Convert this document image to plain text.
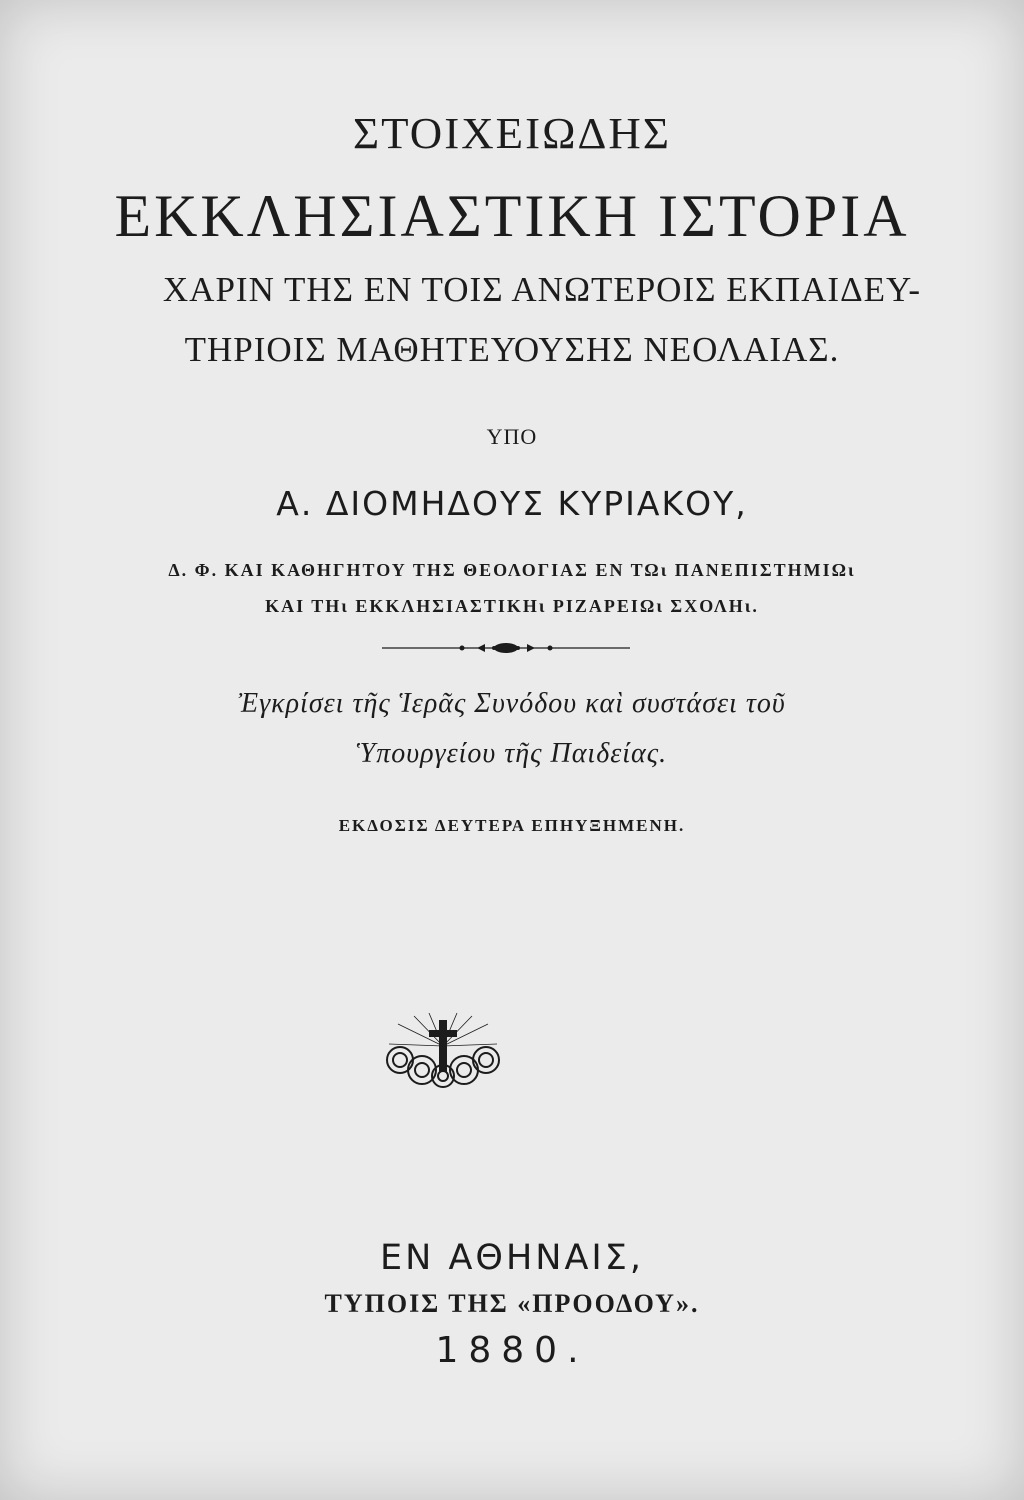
ΣΤΟΙΧΕΙΩΔΗΣ
ΕΚΚΛΗΣΙΑΣΤΙΚΗ ΙΣΤΟΡΙΑ
ΧΑΡΙΝ ΤΗΣ ΕΝ ΤΟΙΣ ΑΝΩΤΕΡΟΙΣ ΕΚΠΑΙΔΕΥ-
ΤΗΡΙΟΙΣ ΜΑΘΗΤΕΥΟΥΣΗΣ ΝΕΟΛΑΙΑΣ.
ΥΠΟ
Α. ΔΙΟΜΗΔΟΥΣ ΚΥΡΙΑΚΟΥ,
Δ. Φ. ΚΑΙ ΚΑΘΗΓΗΤΟΥ ΤΗΣ ΘΕΟΛΟΓΙΑΣ ΕΝ ΤΩι ΠΑΝΕΠΙΣΤΗΜΙΩι
ΚΑΙ ΤΗι ΕΚΚΛΗΣΙΑΣΤΙΚΗι ΡΙΖΑΡΕΙΩι ΣΧΟΛΗι.
Ἐγκρίσει τῆς Ἱερᾶς Συνόδου καὶ συστάσει τοῦ
Ὑπουργείου τῆς Παιδείας.
ΕΚΔΟΣΙΣ ΔΕΥΤΕΡΑ ΕΠΗΥΞΗΜΕΝΗ.
ΕΝ ΑΘΗΝΑΙΣ,
ΤΥΠΟΙΣ ΤΗΣ «ΠΡΟΟΔΟΥ».
1880.
